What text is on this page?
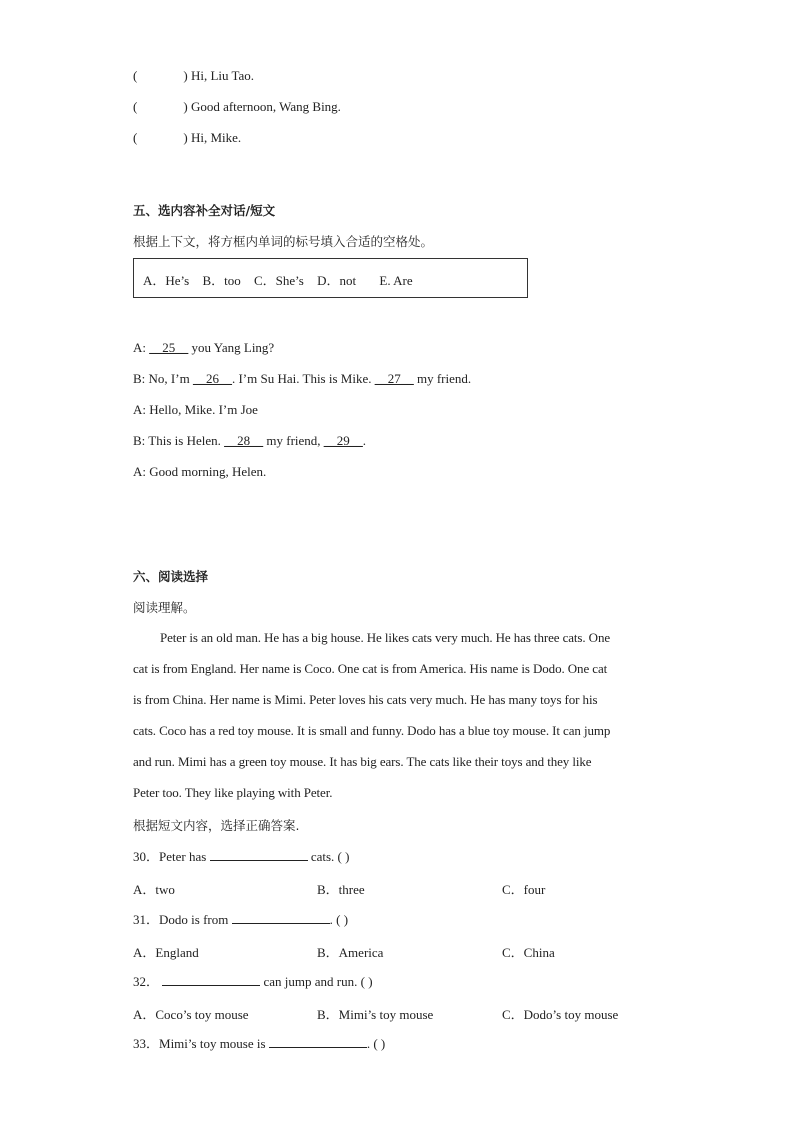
(	) Hi, Liu Tao.
(	) Good afternoon, Wang Bing.
(	) Hi, Mike.
五、选内容补全对话/短文
根据上下文，将方框内单词的标号填入合适的空格处。
A．He’s B．too C．She’s D．not E. Are
A: __25__ you Yang Ling?
B: No, I’m __26__. I’m Su Hai. This is Mike. __27__ my friend.
A: Hello, Mike. I’m Joe
B: This is Helen. __28__ my friend, __29__.
A: Good morning, Helen.
六、阅读选择
阅读理解。
Peter is an old man. He has a big house. He likes cats very much. He has three cats. One
cat is from England. Her name is Coco. One cat is from America. His name is Dodo. One cat
is from China. Her name is Mimi. Peter loves his cats very much. He has many toys for his
cats. Coco has a red toy mouse. It is small and funny. Dodo has a blue toy mouse. It can jump
and run. Mimi has a green toy mouse. It has big ears. The cats like their toys and they like
Peter too. They like playing with Peter.
根据短文内容，选择正确答案.
30．Peter has	cats. ( )
A．two	B．three	C．four
31．Dodo is from	. ( )
A．England	B．America	C．China
32．	can jump and run. ( )
A．Coco’s toy mouse	B．Mimi’s toy mouse	C．Dodo’s toy mouse
33．Mimi’s toy mouse is	. ( )
